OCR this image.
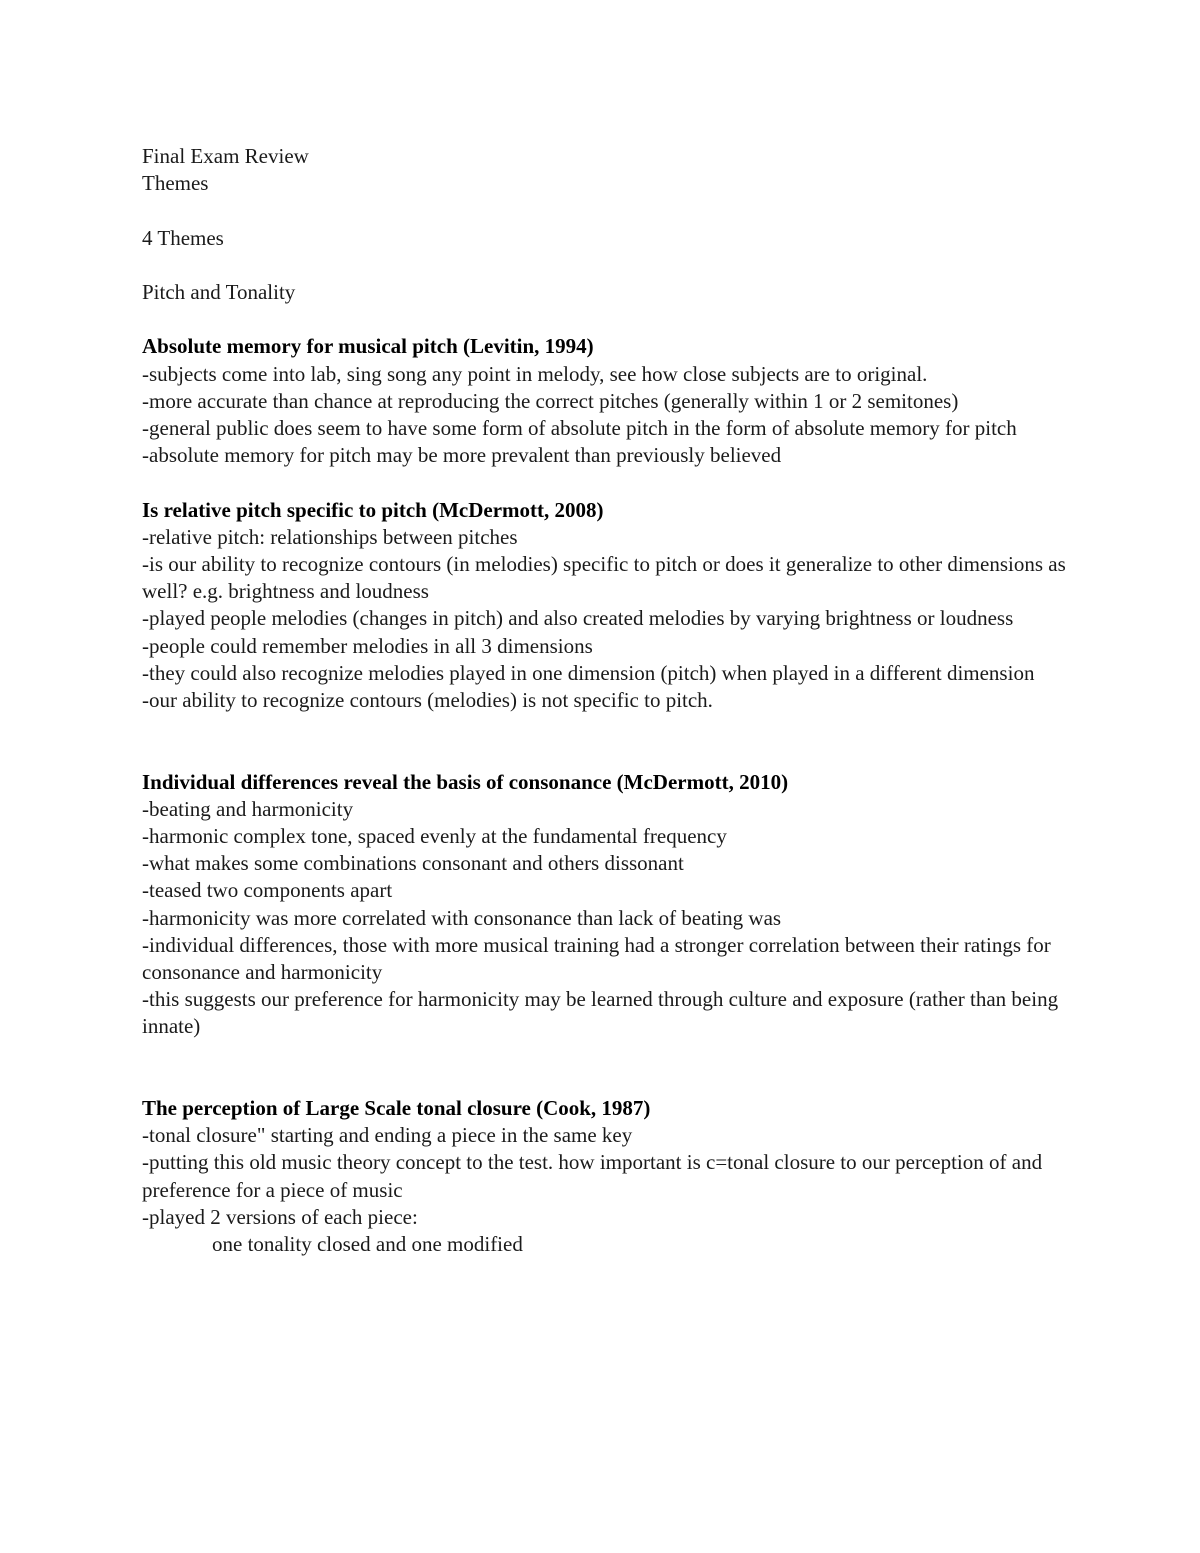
Final Exam Review
Themes
4 Themes
Pitch and Tonality
Absolute memory for musical pitch (Levitin, 1994)
-subjects come into lab, sing song any point in melody, see how close subjects are to original.
-more accurate than chance at reproducing the correct pitches (generally within 1 or 2 semitones)
-general public does seem to have some form of absolute pitch in the form of absolute memory for pitch
-absolute memory for pitch may be more prevalent than previously believed
Is relative pitch specific to pitch (McDermott, 2008)
-relative pitch: relationships between pitches
-is our ability to recognize contours (in melodies) specific to pitch or does it generalize to other dimensions as well? e.g. brightness and loudness
-played people melodies (changes in pitch) and also created melodies by varying brightness or loudness
-people could remember melodies in all 3 dimensions
-they could also recognize melodies played in one dimension (pitch) when played in a different dimension
-our ability to recognize contours (melodies) is not specific to pitch.
Individual differences reveal the basis of consonance (McDermott, 2010)
-beating and harmonicity
-harmonic complex tone, spaced evenly at the fundamental frequency
-what makes some combinations consonant and others dissonant
-teased two components apart
-harmonicity was more correlated with consonance than lack of beating was
-individual differences, those with more musical training had a stronger correlation between their ratings for consonance and harmonicity
-this suggests our preference for harmonicity may be learned through culture and exposure (rather than being innate)
The perception of Large Scale tonal closure (Cook, 1987)
-tonal closure" starting and ending a piece in the same key
-putting this old music theory concept to the test. how important is c=tonal closure to our perception of and preference for a piece of music
-played 2 versions of each piece:
one tonality closed and one modified
